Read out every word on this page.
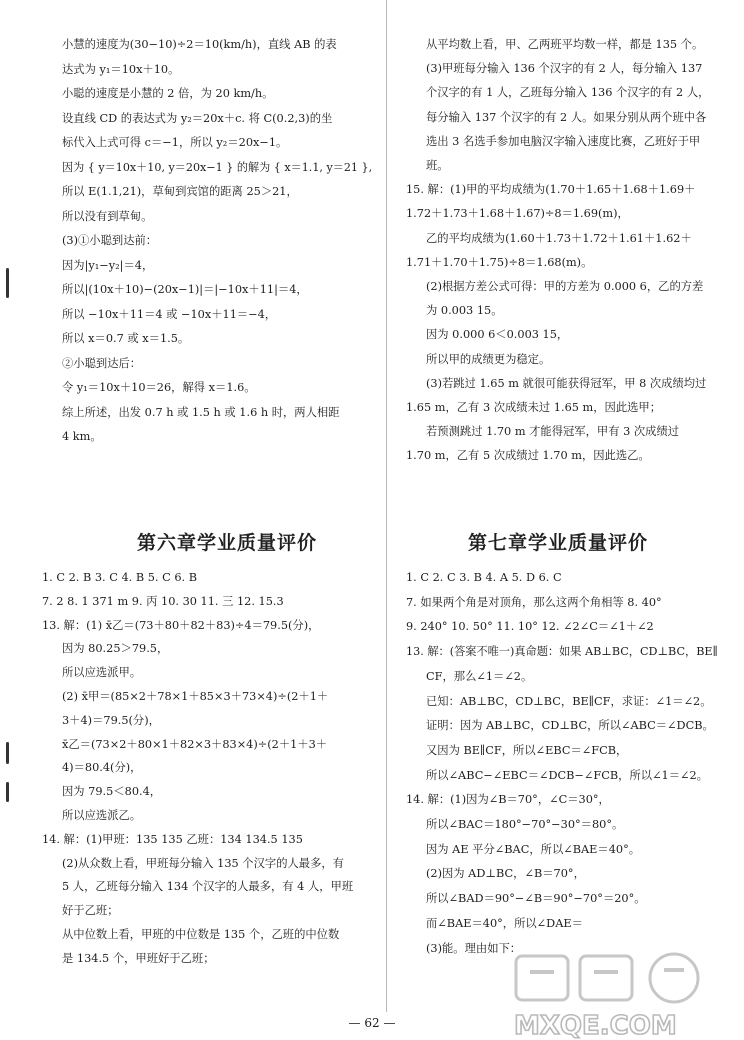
小慧的速度为(30−10)÷2＝10(km/h)，直线 AB 的表
达式为 y₁＝10x＋10。
小聪的速度是小慧的 2 倍，为 20 km/h。
设直线 CD 的表达式为 y₂＝20x＋c. 将 C(0.2,3)的坐
标代入上式可得 c＝−1，所以 y₂＝20x−1。
因为 { y＝10x＋10, y＝20x−1 } 的解为 { x＝1.1, y＝21 },
所以 E(1.1,21)，草甸到宾馆的距离 25＞21，
所以没有到草甸。
(3)①小聪到达前：
因为|y₁−y₂|＝4，
所以|(10x＋10)−(20x−1)|＝|−10x＋11|＝4，
所以 −10x＋11＝4 或 −10x＋11＝−4，
所以 x＝0.7 或 x＝1.5。
②小聪到达后：
令 y₁＝10x＋10＝26，解得 x＝1.6。
综上所述，出发 0.7 h 或 1.5 h 或 1.6 h 时，两人相距
4 km。
第六章学业质量评价
1. C 2. B 3. C 4. B 5. C 6. B
7. 2 8. 1 371 m 9. 丙 10. 30 11. 三 12. 15.3
13. 解：(1) x̄乙＝(73＋80＋82＋83)÷4＝79.5(分)，
因为 80.25＞79.5，
所以应选派甲。
(2) x̄甲＝(85×2＋78×1＋85×3＋73×4)÷(2＋1＋
3＋4)＝79.5(分)，
x̄乙＝(73×2＋80×1＋82×3＋83×4)÷(2＋1＋3＋
4)＝80.4(分)，
因为 79.5＜80.4，
所以应选派乙。
14. 解：(1)甲班：135 135 乙班：134 134.5 135
(2)从众数上看，甲班每分输入 135 个汉字的人最多，有
5 人，乙班每分输入 134 个汉字的人最多，有 4 人，甲班
好于乙班；
从中位数上看，甲班的中位数是 135 个，乙班的中位数
是 134.5 个，甲班好于乙班；
从平均数上看，甲、乙两班平均数一样，都是 135 个。
(3)甲班每分输入 136 个汉字的有 2 人，每分输入 137
个汉字的有 1 人，乙班每分输入 136 个汉字的有 2 人，
每分输入 137 个汉字的有 2 人。如果分别从两个班中各
选出 3 名选手参加电脑汉字输入速度比赛，乙班好于甲
班。
15. 解：(1)甲的平均成绩为(1.70＋1.65＋1.68＋1.69＋
1.72＋1.73＋1.68＋1.67)÷8＝1.69(m)，
乙的平均成绩为(1.60＋1.73＋1.72＋1.61＋1.62＋
1.71＋1.70＋1.75)÷8＝1.68(m)。
(2)根据方差公式可得：甲的方差为 0.000 6，乙的方差
为 0.003 15。
因为 0.000 6＜0.003 15，
所以甲的成绩更为稳定。
(3)若跳过 1.65 m 就很可能获得冠军，甲 8 次成绩均过
1.65 m，乙有 3 次成绩未过 1.65 m，因此选甲；
若预测跳过 1.70 m 才能得冠军，甲有 3 次成绩过
1.70 m，乙有 5 次成绩过 1.70 m，因此选乙。
第七章学业质量评价
1. C 2. C 3. B 4. A 5. D 6. C
7. 如果两个角是对顶角，那么这两个角相等 8. 40°
9. 240° 10. 50° 11. 10° 12. ∠2∠C＝∠1＋∠2
13. 解：(答案不唯一)真命题：如果 AB⊥BC，CD⊥BC，BE∥
CF，那么∠1＝∠2。
已知：AB⊥BC，CD⊥BC，BE∥CF，求证：∠1＝∠2。
证明：因为 AB⊥BC，CD⊥BC，所以∠ABC＝∠DCB。
又因为 BE∥CF，所以∠EBC＝∠FCB，
所以∠ABC−∠EBC＝∠DCB−∠FCB，所以∠1＝∠2。
14. 解：(1)因为∠B＝70°，∠C＝30°，
所以∠BAC＝180°−70°−30°＝80°。
因为 AE 平分∠BAC，所以∠BAE＝40°。
(2)因为 AD⊥BC，∠B＝70°，
所以∠BAD＝90°−∠B＝90°−70°＝20°。
而∠BAE＝40°，所以∠DAE＝
(3)能。理由如下：
— 62 —	MXQE.COM
